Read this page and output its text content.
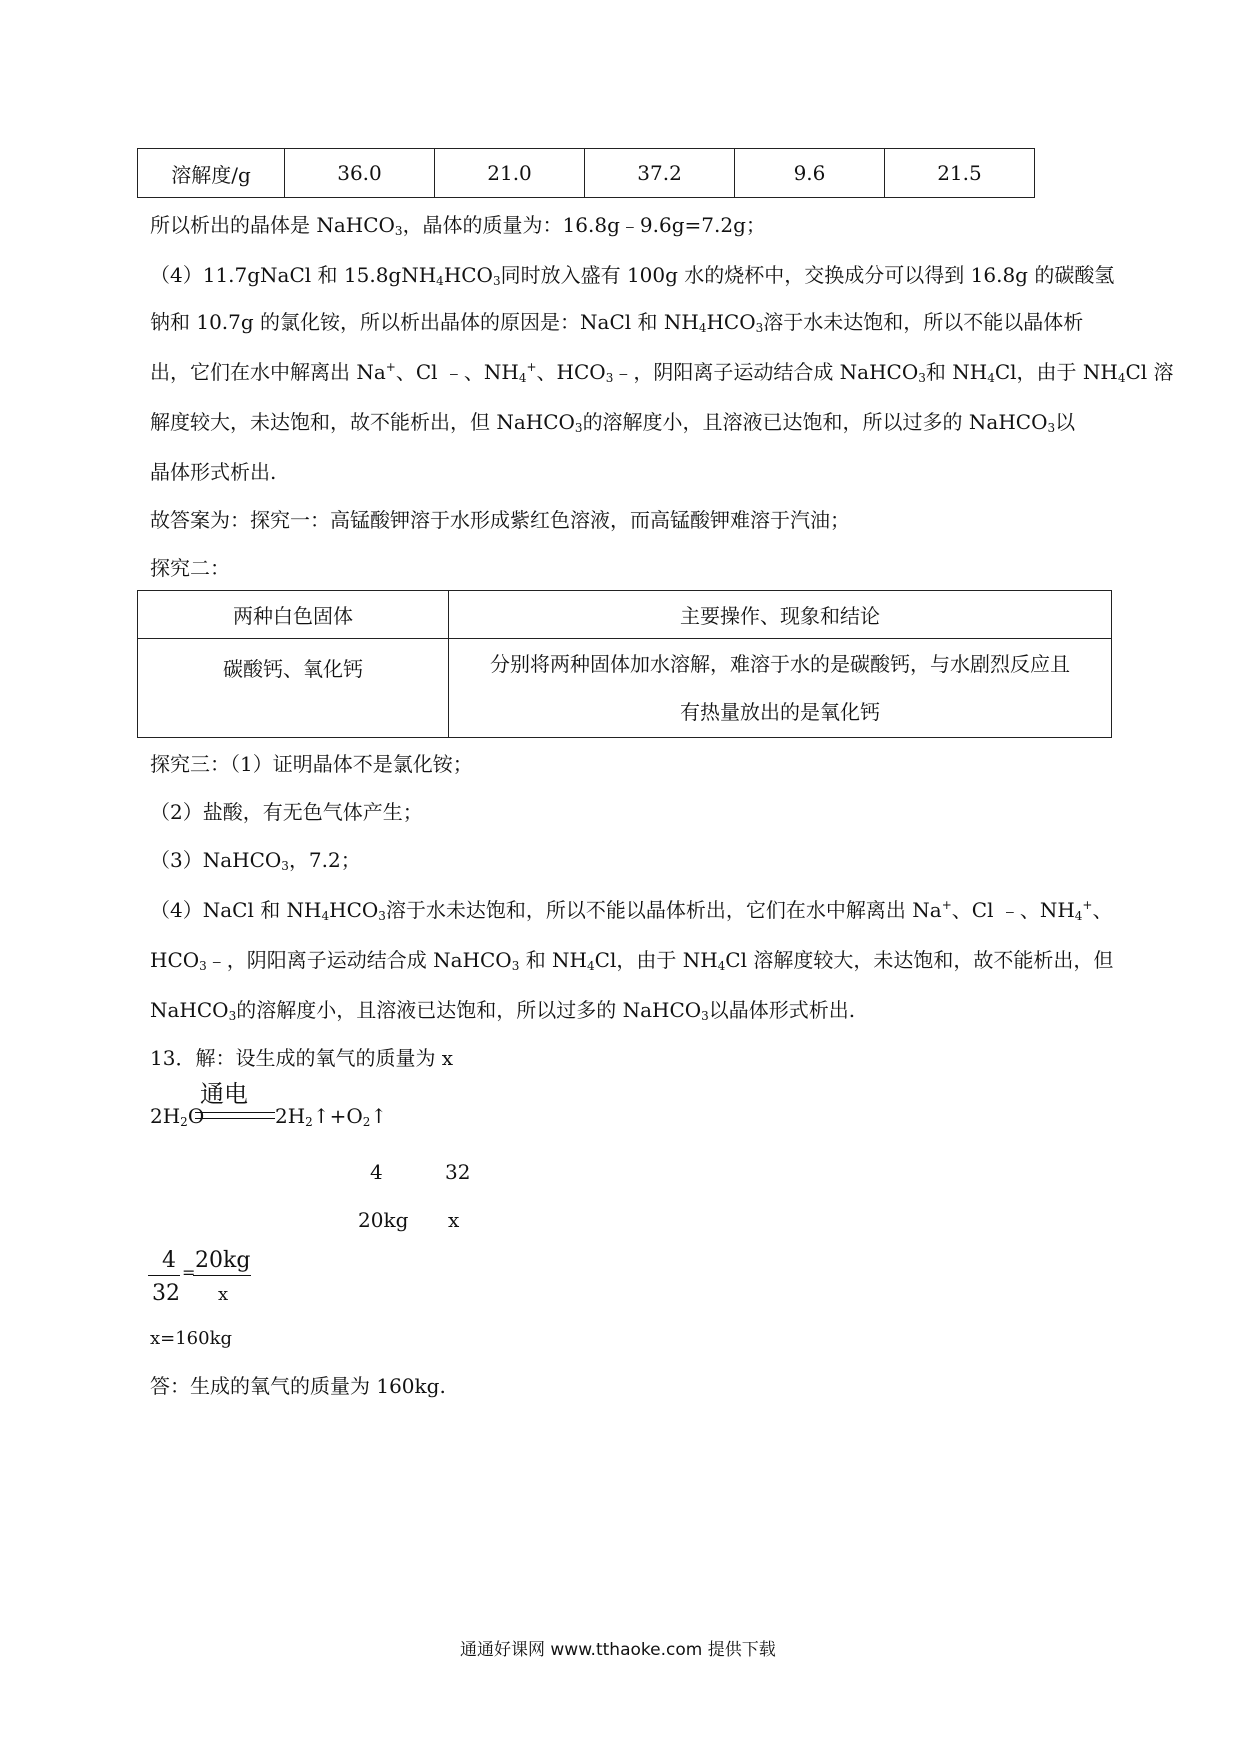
溶解度/g	36.0	21.0	37.2	9.6	21.5
所以析出的晶体是 NaHCO$_3$，晶体的质量为：16.8g﹣9.6g=7.2g；
（4）11.7gNaCl 和 $15.8gNH_4HCO_3$同时放入盛有 100g 水的烧杯中，交换成分可以得到 16.8g 的碳酸氢
钠和 10.7g 的氯化铵，所以析出晶体的原因是：NaCl 和 $NH_4HCO_3$溶于水未达饱和，所以不能以晶体析
出，它们在水中解离出 Na+、Cl ﹣、$NH_4^+$、$HCO_3﹣$，阴阳离子运动结合成 NaHCO$_3$和 $NH_4Cl$，由于 $NH_4Cl$ 溶
解度较大，未达饱和，故不能析出，但 NaHCO$_3$的溶解度小，且溶液已达饱和，所以过多的 NaHCO$_3$以
晶体形式析出.
故答案为：探究一：高锰酸钾溶于水形成紫红色溶液，而高锰酸钾难溶于汽油；
探究二：
两种白色固体	主要操作、现象和结论
碳酸钙、氧化钙	分别将两种固体加水溶解，难溶于水的是碳酸钙，与水剧烈反应且
有热量放出的是氧化钙
探究三：（1）证明晶体不是氯化铵；
（2）盐酸，有无色气体产生；
（3）NaHCO$_3$，7.2；
（4）NaCl 和 $NH_4HCO_3$溶于水未达饱和，所以不能以晶体析出，它们在水中解离出 Na+、Cl ﹣、$NH_4^+$、
$HCO_3﹣$，阴阳离子运动结合成 NaHCO$_3$ 和 $NH_4Cl$，由于 $NH_4Cl$ 溶解度较大，未达饱和，故不能析出，但
NaHCO$_3$的溶解度小，且溶液已达饱和，所以过多的 NaHCO$_3$以晶体形式析出.
13．解：设生成的氧气的质量为 x
通电
$2H_2O$	$2H_2↑+O_2↑$
4	32
20kg x
4
32
= 20kg
x
x=160kg
答：生成的氧气的质量为 160kg.
通通好课网 www.tthaoke.com 提供下载
